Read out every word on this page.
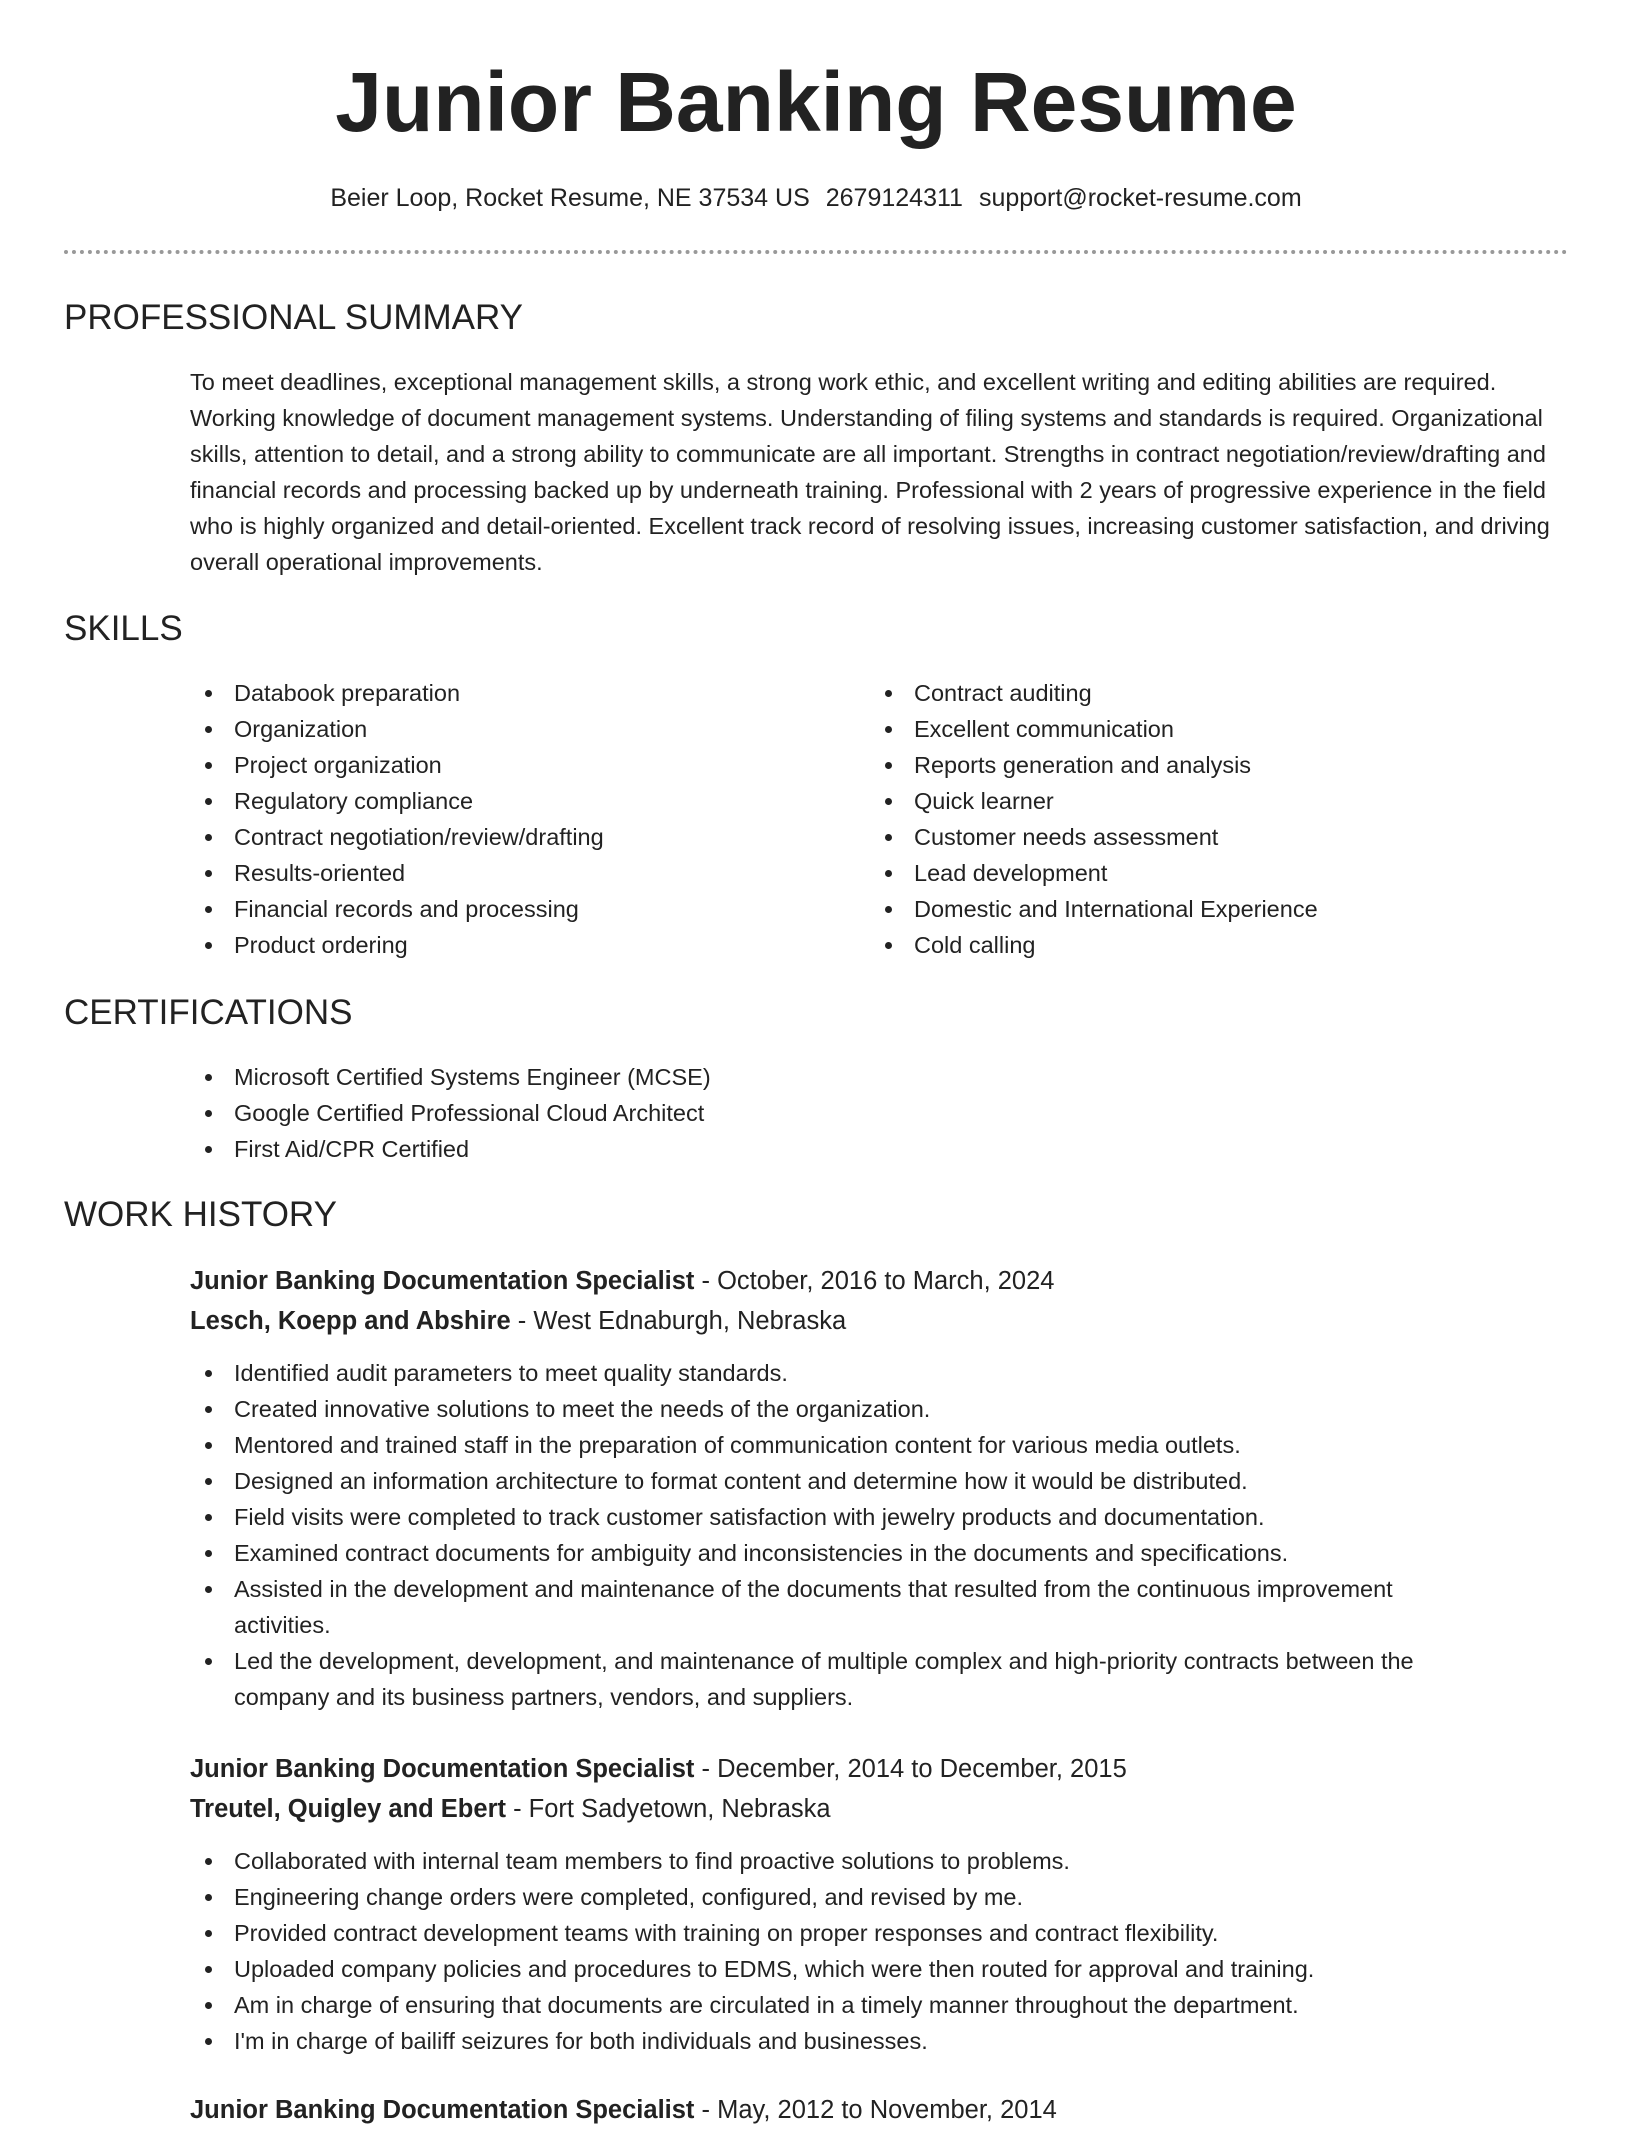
Junior Banking Resume
Beier Loop, Rocket Resume, NE 37534 US 2679124311 support@rocket-resume.com
PROFESSIONAL SUMMARY

To meet deadlines, exceptional management skills, a strong work ethic, and excellent writing and editing abilities are required. Working knowledge of document management systems. Understanding of filing systems and standards is required. Organizational skills, attention to detail, and a strong ability to communicate are all important. Strengths in contract negotiation/review/drafting and financial records and processing backed up by underneath training. Professional with 2 years of progressive experience in the field who is highly organized and detail-oriented. Excellent track record of resolving issues, increasing customer satisfaction, and driving overall operational improvements.

SKILLS
Databook preparation
Organization
Project organization
Regulatory compliance
Contract negotiation/review/drafting
Results-oriented
Financial records and processing
Product ordering
Contract auditing
Excellent communication
Reports generation and analysis
Quick learner
Customer needs assessment
Lead development
Domestic and International Experience
Cold calling
CERTIFICATIONS
Microsoft Certified Systems Engineer (MCSE)
Google Certified Professional Cloud Architect
First Aid/CPR Certified
WORK HISTORY
Junior Banking Documentation Specialist - October, 2016 to March, 2024
Lesch, Koepp and Abshire - West Ednaburgh, Nebraska
Identified audit parameters to meet quality standards.
Created innovative solutions to meet the needs of the organization.
Mentored and trained staff in the preparation of communication content for various media outlets.
Designed an information architecture to format content and determine how it would be distributed.
Field visits were completed to track customer satisfaction with jewelry products and documentation.
Examined contract documents for ambiguity and inconsistencies in the documents and specifications.
Assisted in the development and maintenance of the documents that resulted from the continuous improvement activities.
Led the development, development, and maintenance of multiple complex and high-priority contracts between the company and its business partners, vendors, and suppliers.
Junior Banking Documentation Specialist - December, 2014 to December, 2015
Treutel, Quigley and Ebert - Fort Sadyetown, Nebraska
Collaborated with internal team members to find proactive solutions to problems.
Engineering change orders were completed, configured, and revised by me.
Provided contract development teams with training on proper responses and contract flexibility.
Uploaded company policies and procedures to EDMS, which were then routed for approval and training.
Am in charge of ensuring that documents are circulated in a timely manner throughout the department.
I'm in charge of bailiff seizures for both individuals and businesses.
Junior Banking Documentation Specialist - May, 2012 to November, 2014
